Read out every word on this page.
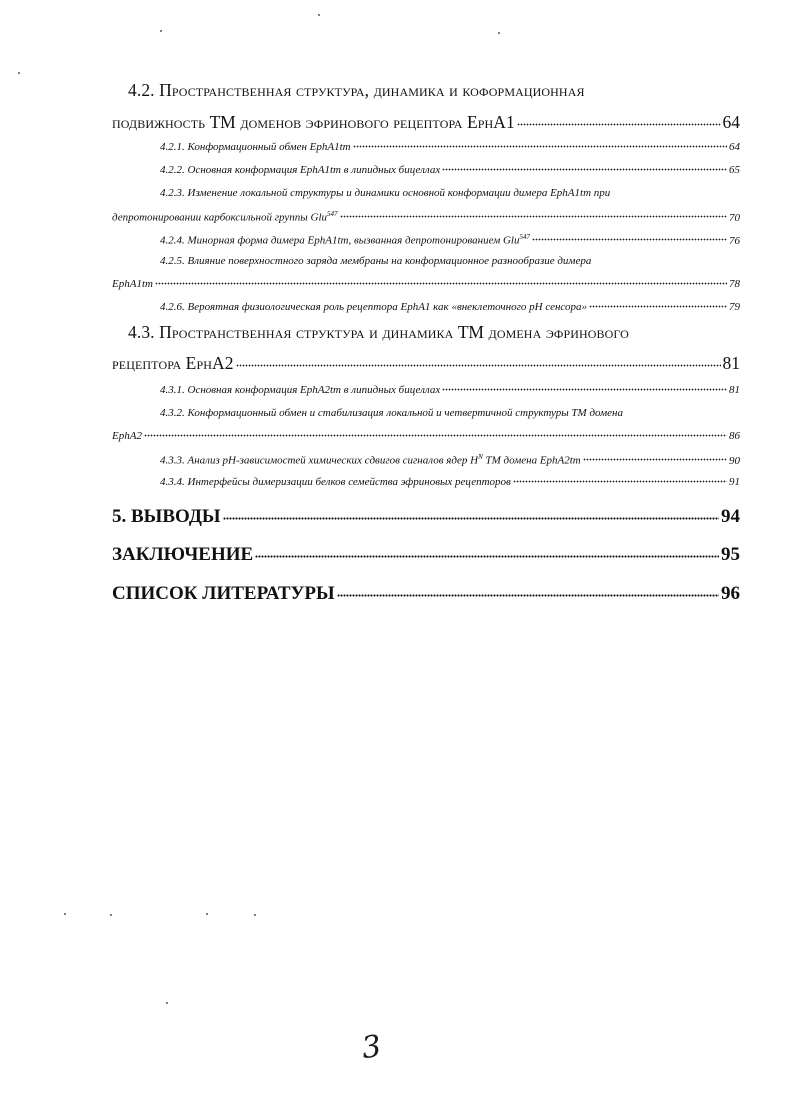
4.2. Пространственная структура, динамика и коформационная
подвижность ТМ доменов эфринового рецептора EphA1	64
4.2.1. Конформационный обмен EphA1tm	64
4.2.2. Основная конформация EphA1tm в липидных бицеллах	65
4.2.3. Изменение локальной структуры и динамики основной конформации димера EphA1tm при
депротонировании карбоксильной группы Glu$^{547}$	70
4.2.4. Минорная форма димера EphA1tm, вызванная депротонированием Glu$^{547}$	76
4.2.5. Влияние поверхностного заряда мембраны на конформационное разнообразие димера
EphA1tm	78
4.2.6. Вероятная физиологическая роль рецептора EphA1 как «внеклеточного pH сенсора»	79
4.3. Пространственная структура и динамика ТМ домена эфринового
рецептора EphA2	81
4.3.1. Основная конформация EphA2tm в липидных бицеллах	81
4.3.2. Конформационный обмен и стабилизация локальной и четвертичной структуры ТМ домена
EphA2	86
4.3.3. Анализ pH-зависимостей химических сдвигов сигналов ядер $H^N$ ТМ домена EphA2tm	90
4.3.4. Интерфейсы димеризации белков семейства эфриновых рецепторов	91
5. ВЫВОДЫ	94
ЗАКЛЮЧЕНИЕ	95
СПИСОК ЛИТЕРАТУРЫ	96
3
